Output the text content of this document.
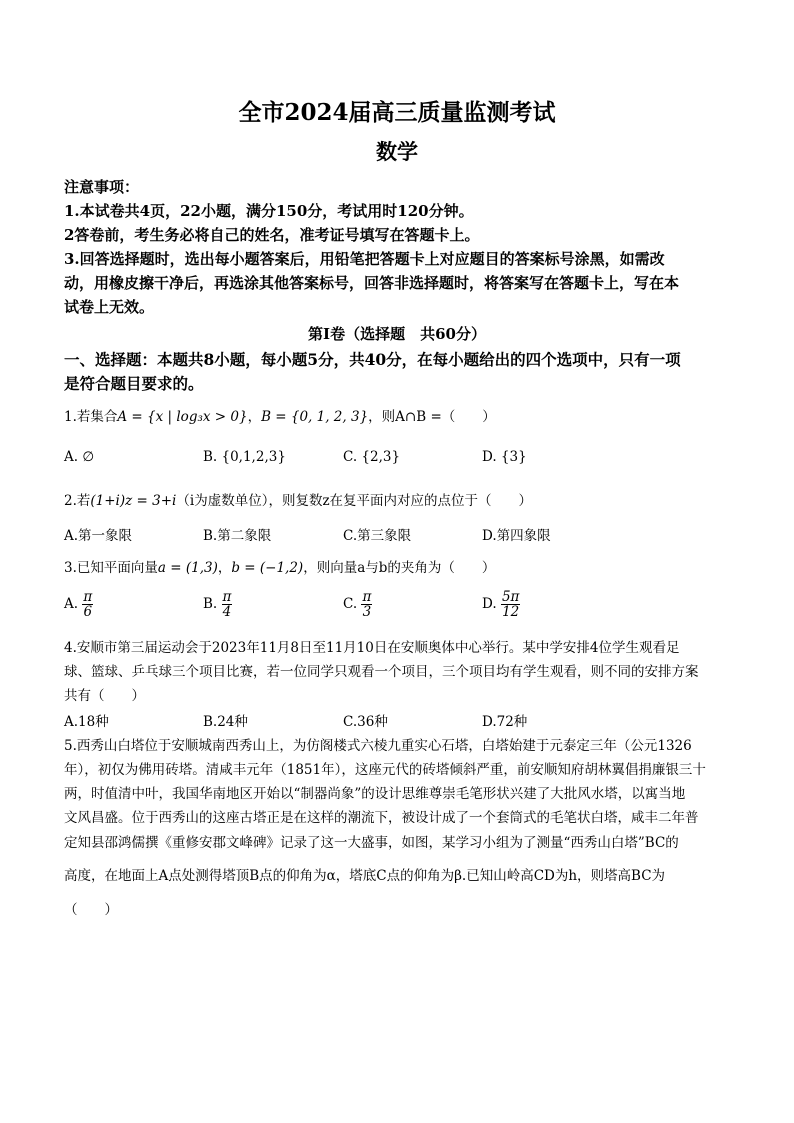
全市2024届高三质量监测考试
数学
注意事项：
1.本试卷共4页，22小题，满分150分，考试用时120分钟。
2答卷前，考生务必将自己的姓名，准考证号填写在答题卡上。
3.回答选择题时，选出每小题答案后，用铅笔把答题卡上对应题目的答案标号涂黑，如需改
动，用橡皮擦干净后，再选涂其他答案标号，回答非选择题时，将答案写在答题卡上，写在本
试卷上无效。
第Ⅰ卷（选择题　共60分）
一、选择题：本题共8小题，每小题5分，共40分，在每小题给出的四个选项中，只有一项
是符合题目要求的。
1.若集合A = {x | log₃x > 0}，B = {0, 1, 2, 3}，则A∩B =（　　）
A. ∅	B. {0,1,2,3}	C. {2,3}	D. {3}
2.若(1+i)z = 3+i（i为虚数单位），则复数z在复平面内对应的点位于（　　）
A.第一象限	B.第二象限	C.第三象限	D.第四象限
3.已知平面向量a = (1,3)，b = (−1,2)，则向量a与b的夹角为（　　）
A. $\frac{\pi}{6}$	B. $\frac{\pi}{4}$	C. $\frac{\pi}{3}$	D. $\frac{5\pi}{12}$
4.安顺市第三届运动会于2023年11月8日至11月10日在安顺奥体中心举行。某中学安排4位学生观看足
球、篮球、乒乓球三个项目比赛，若一位同学只观看一个项目，三个项目均有学生观看，则不同的安排方案
共有（　　）
A.18种	B.24种	C.36种	D.72种
5.西秀山白塔位于安顺城南西秀山上，为仿阁楼式六棱九重实心石塔，白塔始建于元泰定三年（公元1326
年），初仅为佛用砖塔。清咸丰元年（1851年），这座元代的砖塔倾斜严重，前安顺知府胡林翼倡捐廉银三十
两，时值清中叶，我国华南地区开始以“制器尚象”的设计思维尊崇毛笔形状兴建了大批风水塔，以寓当地
文风昌盛。位于西秀山的这座古塔正是在这样的潮流下，被设计成了一个套筒式的毛笔状白塔，咸丰二年普
定知县邵鸿儒撰《重修安郡文峰碑》记录了这一大盛事，如图，某学习小组为了测量“西秀山白塔”BC的
高度，在地面上A点处测得塔顶B点的仰角为α，塔底C点的仰角为β.已知山岭高CD为h，则塔高BC为
（　　）
